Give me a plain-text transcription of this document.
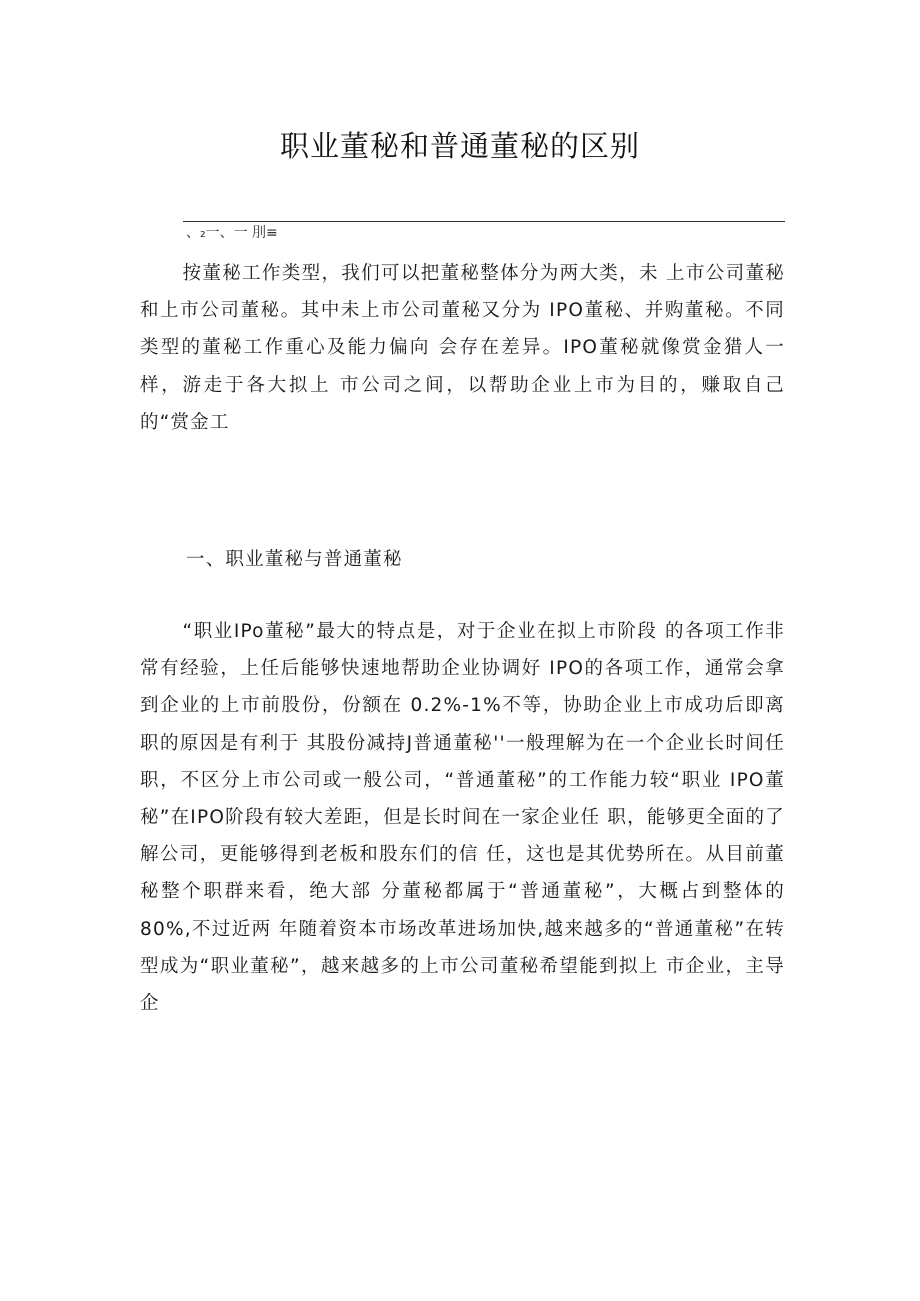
职业董秘和普通董秘的区别
、₂一、一 刖≡

按董秘工作类型，我们可以把董秘整体分为两大类，未 上市公司董秘和上市公司董秘。其中未上市公司董秘又分为 IPO董秘、并购董秘。不同类型的董秘工作重心及能力偏向 会存在差异。IPO董秘就像赏金猎人一样，游走于各大拟上 市公司之间，以帮助企业上市为目的，赚取自己的“赏金工

一、职业董秘与普通董秘

“职业IPo董秘”最大的特点是，对于企业在拟上市阶段 的各项工作非常有经验，上任后能够快速地帮助企业协调好 IPO的各项工作，通常会拿到企业的上市前股份，份额在 0.2%-1%不等，协助企业上市成功后即离职的原因是有利于 其股份减持J普通董秘''一般理解为在一个企业长时间任职，不区分上市公司或一般公司，“普通董秘”的工作能力较“职业 IPO董秘”在IPO阶段有较大差距，但是长时间在一家企业任 职，能够更全面的了解公司，更能够得到老板和股东们的信 任，这也是其优势所在。从目前董秘整个职群来看，绝大部 分董秘都属于“普通董秘”，大概占到整体的80%,不过近两 年随着资本市场改革进场加快,越来越多的“普通董秘”在转 型成为“职业董秘”，越来越多的上市公司董秘希望能到拟上 市企业，主导企
